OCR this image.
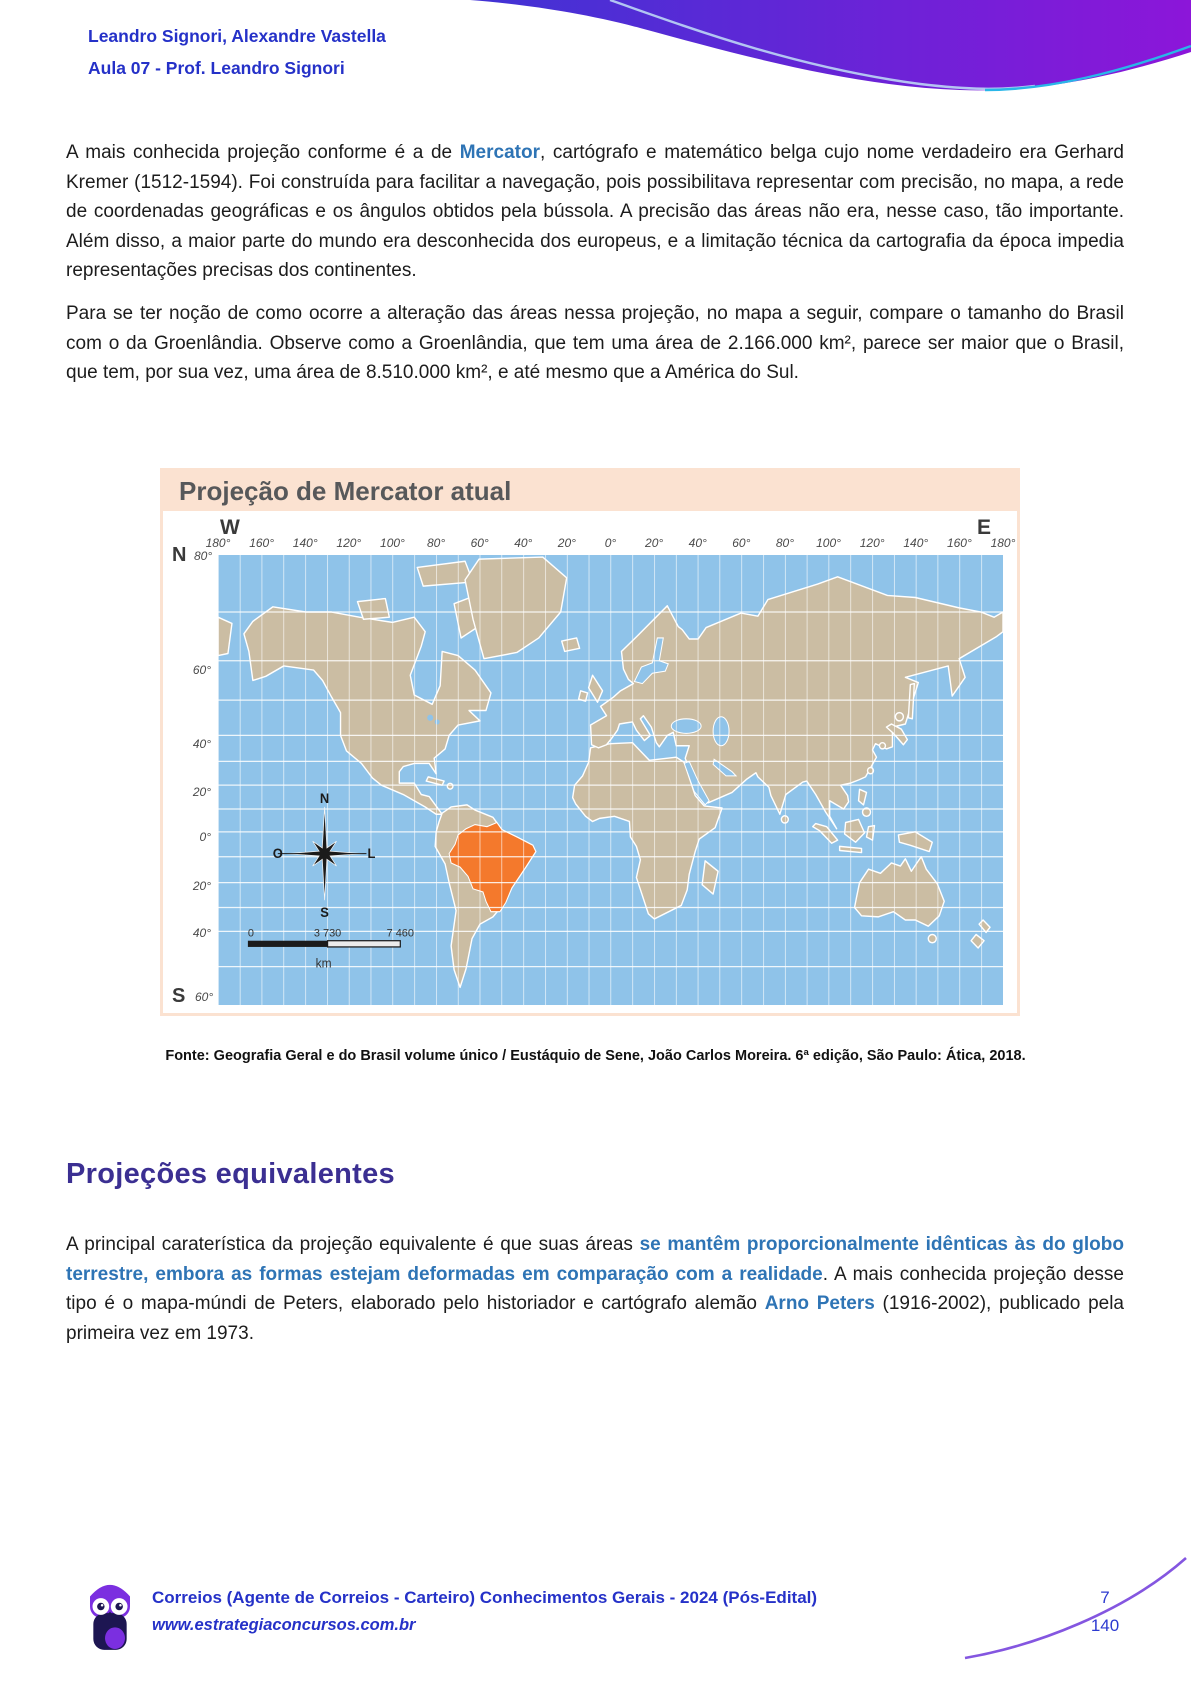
Leandro Signori, Alexandre Vastella
Aula 07 - Prof. Leandro Signori

A mais conhecida projeção conforme é a de Mercator, cartógrafo e matemático belga cujo nome verdadeiro era Gerhard Kremer (1512-1594). Foi construída para facilitar a navegação, pois possibilitava representar com precisão, no mapa, a rede de coordenadas geográficas e os ângulos obtidos pela bússola. A precisão das áreas não era, nesse caso, tão importante. Além disso, a maior parte do mundo era desconhecida dos europeus, e a limitação técnica da cartografia da época impedia representações precisas dos continentes.

Para se ter noção de como ocorre a alteração das áreas nessa projeção, no mapa a seguir, compare o tamanho do Brasil com o da Groenlândia. Observe como a Groenlândia, que tem uma área de 2.166.000 km², parece ser maior que o Brasil, que tem, por sua vez, uma área de 8.510.000 km², e até mesmo que a América do Sul.

Projeção de Mercator atual
W	E
180° 160° 140° 120° 100° 80° 60° 40° 20° 0° 20° 40° 60° 80° 100° 120° 140° 160° 180°
N 80°
S 60°
60°
40°
20°
0°
20°
40°
N
S
O	L
0	3 730	7 460
km
Fonte: Geografia Geral e do Brasil volume único / Eustáquio de Sene, João Carlos Moreira. 6ª edição, São Paulo: Ática, 2018.
Projeções equivalentes

A principal caraterística da projeção equivalente é que suas áreas se mantêm proporcionalmente idênticas às do globo terrestre, embora as formas estejam deformadas em comparação com a realidade. A mais conhecida projeção desse tipo é o mapa-múndi de Peters, elaborado pelo historiador e cartógrafo alemão Arno Peters (1916-2002), publicado pela primeira vez em 1973.

Correios (Agente de Correios - Carteiro) Conhecimentos Gerais - 2024 (Pós-Edital)
www.estrategiaconcursos.com.br
7
140
